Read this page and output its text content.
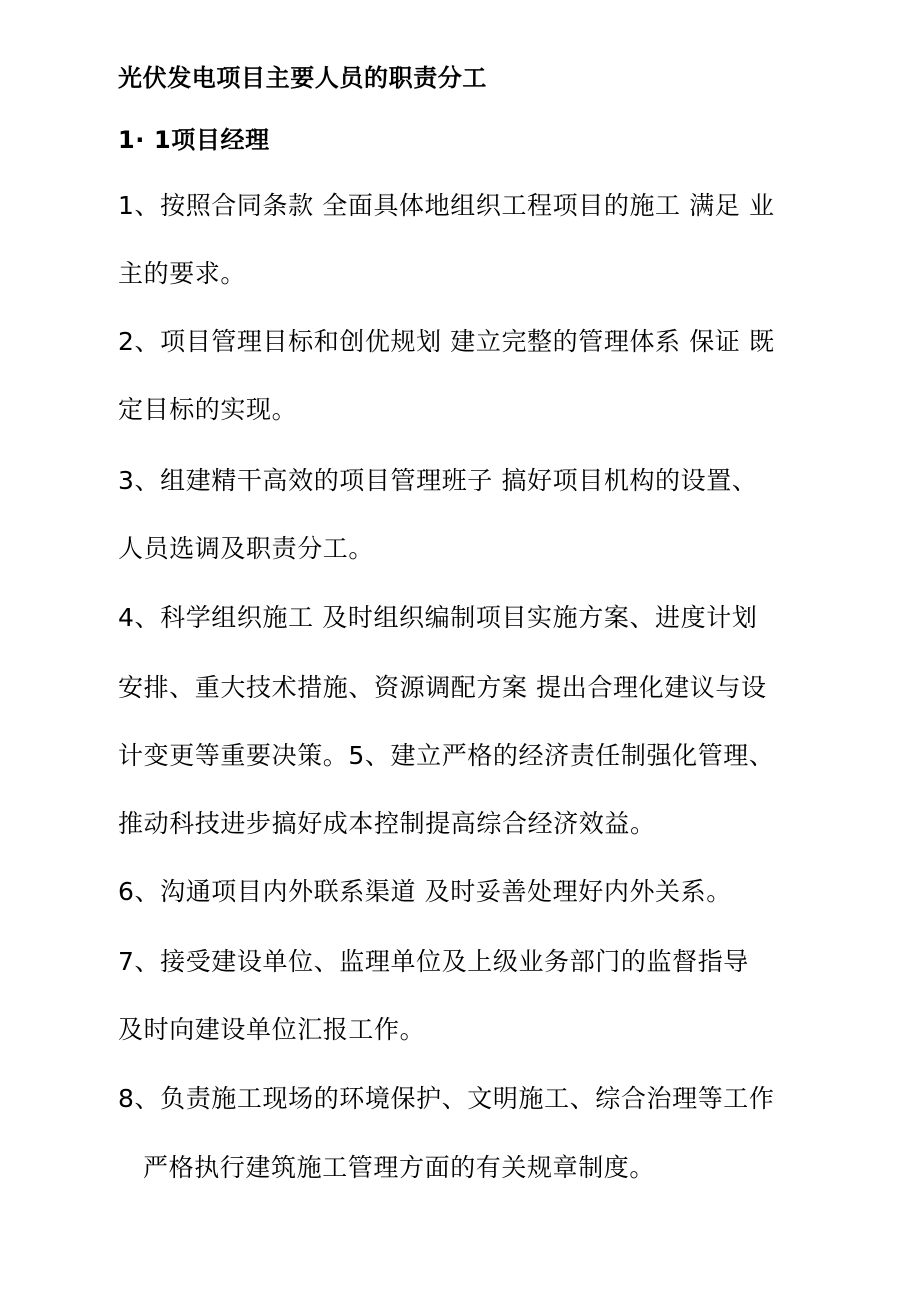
光伏发电项目主要人员的职责分工
1· 1项目经理
1、按照合同条款 全面具体地组织工程项目的施工 满足 业
主的要求。
2、项目管理目标和创优规划 建立完整的管理体系 保证 既
定目标的实现。
3、组建精干高效的项目管理班子 搞好项目机构的设置、
人员选调及职责分工。
4、科学组织施工 及时组织编制项目实施方案、进度计划
安排、重大技术措施、资源调配方案 提出合理化建议与设
计变更等重要决策。5、建立严格的经济责任制强化管理、
推动科技进步搞好成本控制提高综合经济效益。
6、沟通项目内外联系渠道 及时妥善处理好内外关系。
7、接受建设单位、监理单位及上级业务部门的监督指导
及时向建设单位汇报工作。
8、负责施工现场的环境保护、文明施工、综合治理等工作
严格执行建筑施工管理方面的有关规章制度。
